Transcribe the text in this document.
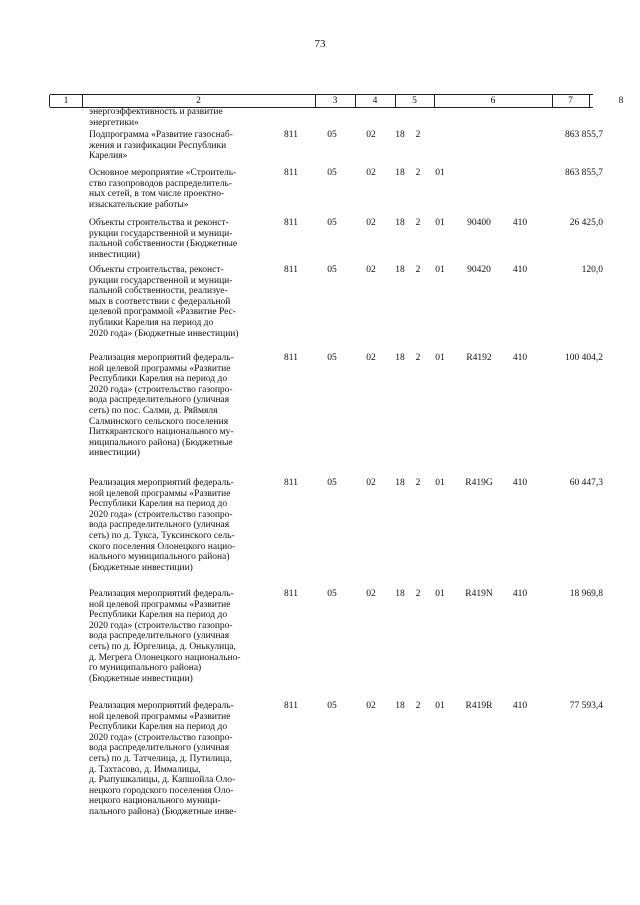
73
1	2	3	4	5	6	7	8
энергоэффективность и развитие
энергетики»
Подпрограмма «Развитие газоснаб-
жения и газификации Республики
Карелия»
811	05	02 18 2	863 855,7
Основное мероприятие «Строитель-
ство газопроводов распределитель-
ных сетей, в том числе проектно-
изыскательские работы»
811	05	02 18 2 01	863 855,7
Объекты строительства и реконст-
рукции государственной и муници-
пальной собственности (Бюджетные
инвестиции)
811	05	02 18 2 01	90400	410	26 425,0
Объекты строительства, реконст-
рукции государственной и муници-
пальной собственности, реализуе-
мых в соответствии с федеральной
целевой программой «Развитие Рес-
публики Карелия на период до
2020 года» (Бюджетные инвестиции)
811	05	02 18 2 01	90420	410	120,0
Реализация мероприятий федераль-
ной целевой программы «Развитие
Республики Карелия на период до
2020 года» (строительство газопро-
вода распределительного (уличная
сеть) по пос. Салми, д. Ряймяля
Салминского сельского поселения
Питкярантского национального му-
ниципального района) (Бюджетные
инвестиции)
811	05	02 18 2 01	R4192	410	100 404,2
Реализация мероприятий федераль-
ной целевой программы «Развитие
Республики Карелия на период до
2020 года» (строительство газопро-
вода распределительного (уличная
сеть) по д. Тукса, Туксинского сель-
ского поселения Олонецкого нацио-
нального муниципального района)
(Бюджетные инвестиции)
811	05	02 18 2 01	R419G	410	60 447,3
Реализация мероприятий федераль-
ной целевой программы «Развитие
Республики Карелия на период до
2020 года» (строительство газопро-
вода распределительного (уличная
сеть) по д. Юргелица, д. Онькулица,
д. Мегрега Олонецкого национально-
го муниципального района)
(Бюджетные инвестиции)
811	05	02 18 2 01	R419N	410	18 969,8
Реализация мероприятий федераль-
ной целевой программы «Развитие
Республики Карелия на период до
2020 года» (строительство газопро-
вода распределительного (уличная
сеть) по д. Татчелица, д. Путилица,
д. Тахтасово, д. Иммалицы,
д. Рыпушкалицы, д. Капшойла Оло-
нецкого городского поселения Оло-
нецкого национального муници-
пального района) (Бюджетные инве-
811	05	02 18 2 01	R419R	410	77 593,4
